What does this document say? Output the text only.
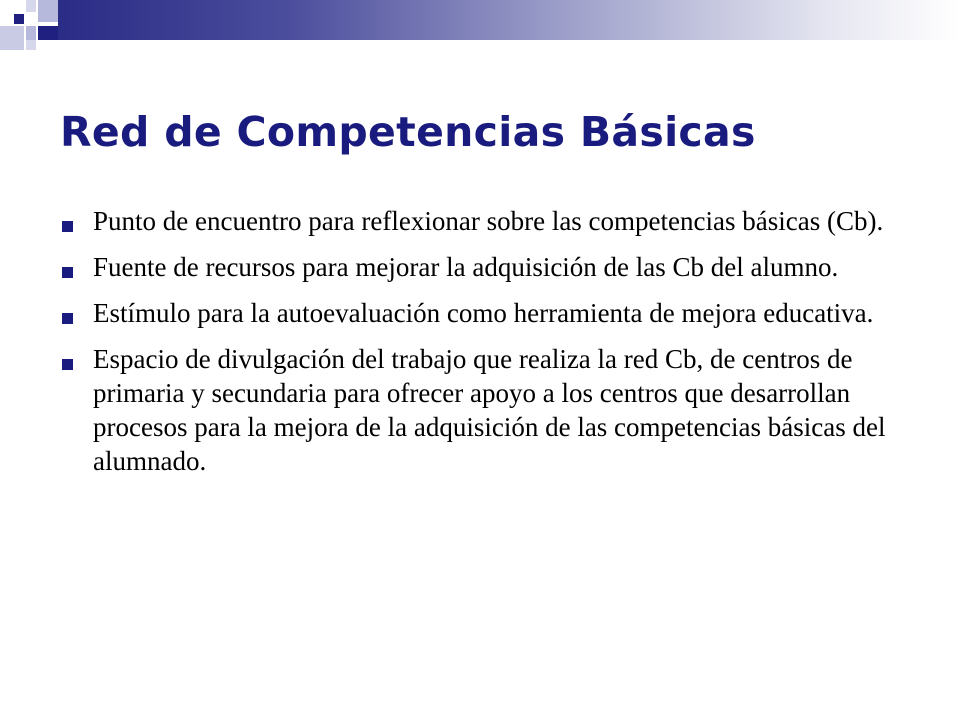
Red de Competencias Básicas
Punto de encuentro para reflexionar sobre las competencias básicas (Cb).
Fuente de recursos para mejorar la adquisición de las Cb del alumno.
Estímulo para la autoevaluación como herramienta de mejora educativa.
Espacio de divulgación del trabajo que realiza la red Cb, de centros de primaria y secundaria para ofrecer apoyo a los centros que desarrollan procesos para la mejora de la adquisición de las competencias básicas del alumnado.
